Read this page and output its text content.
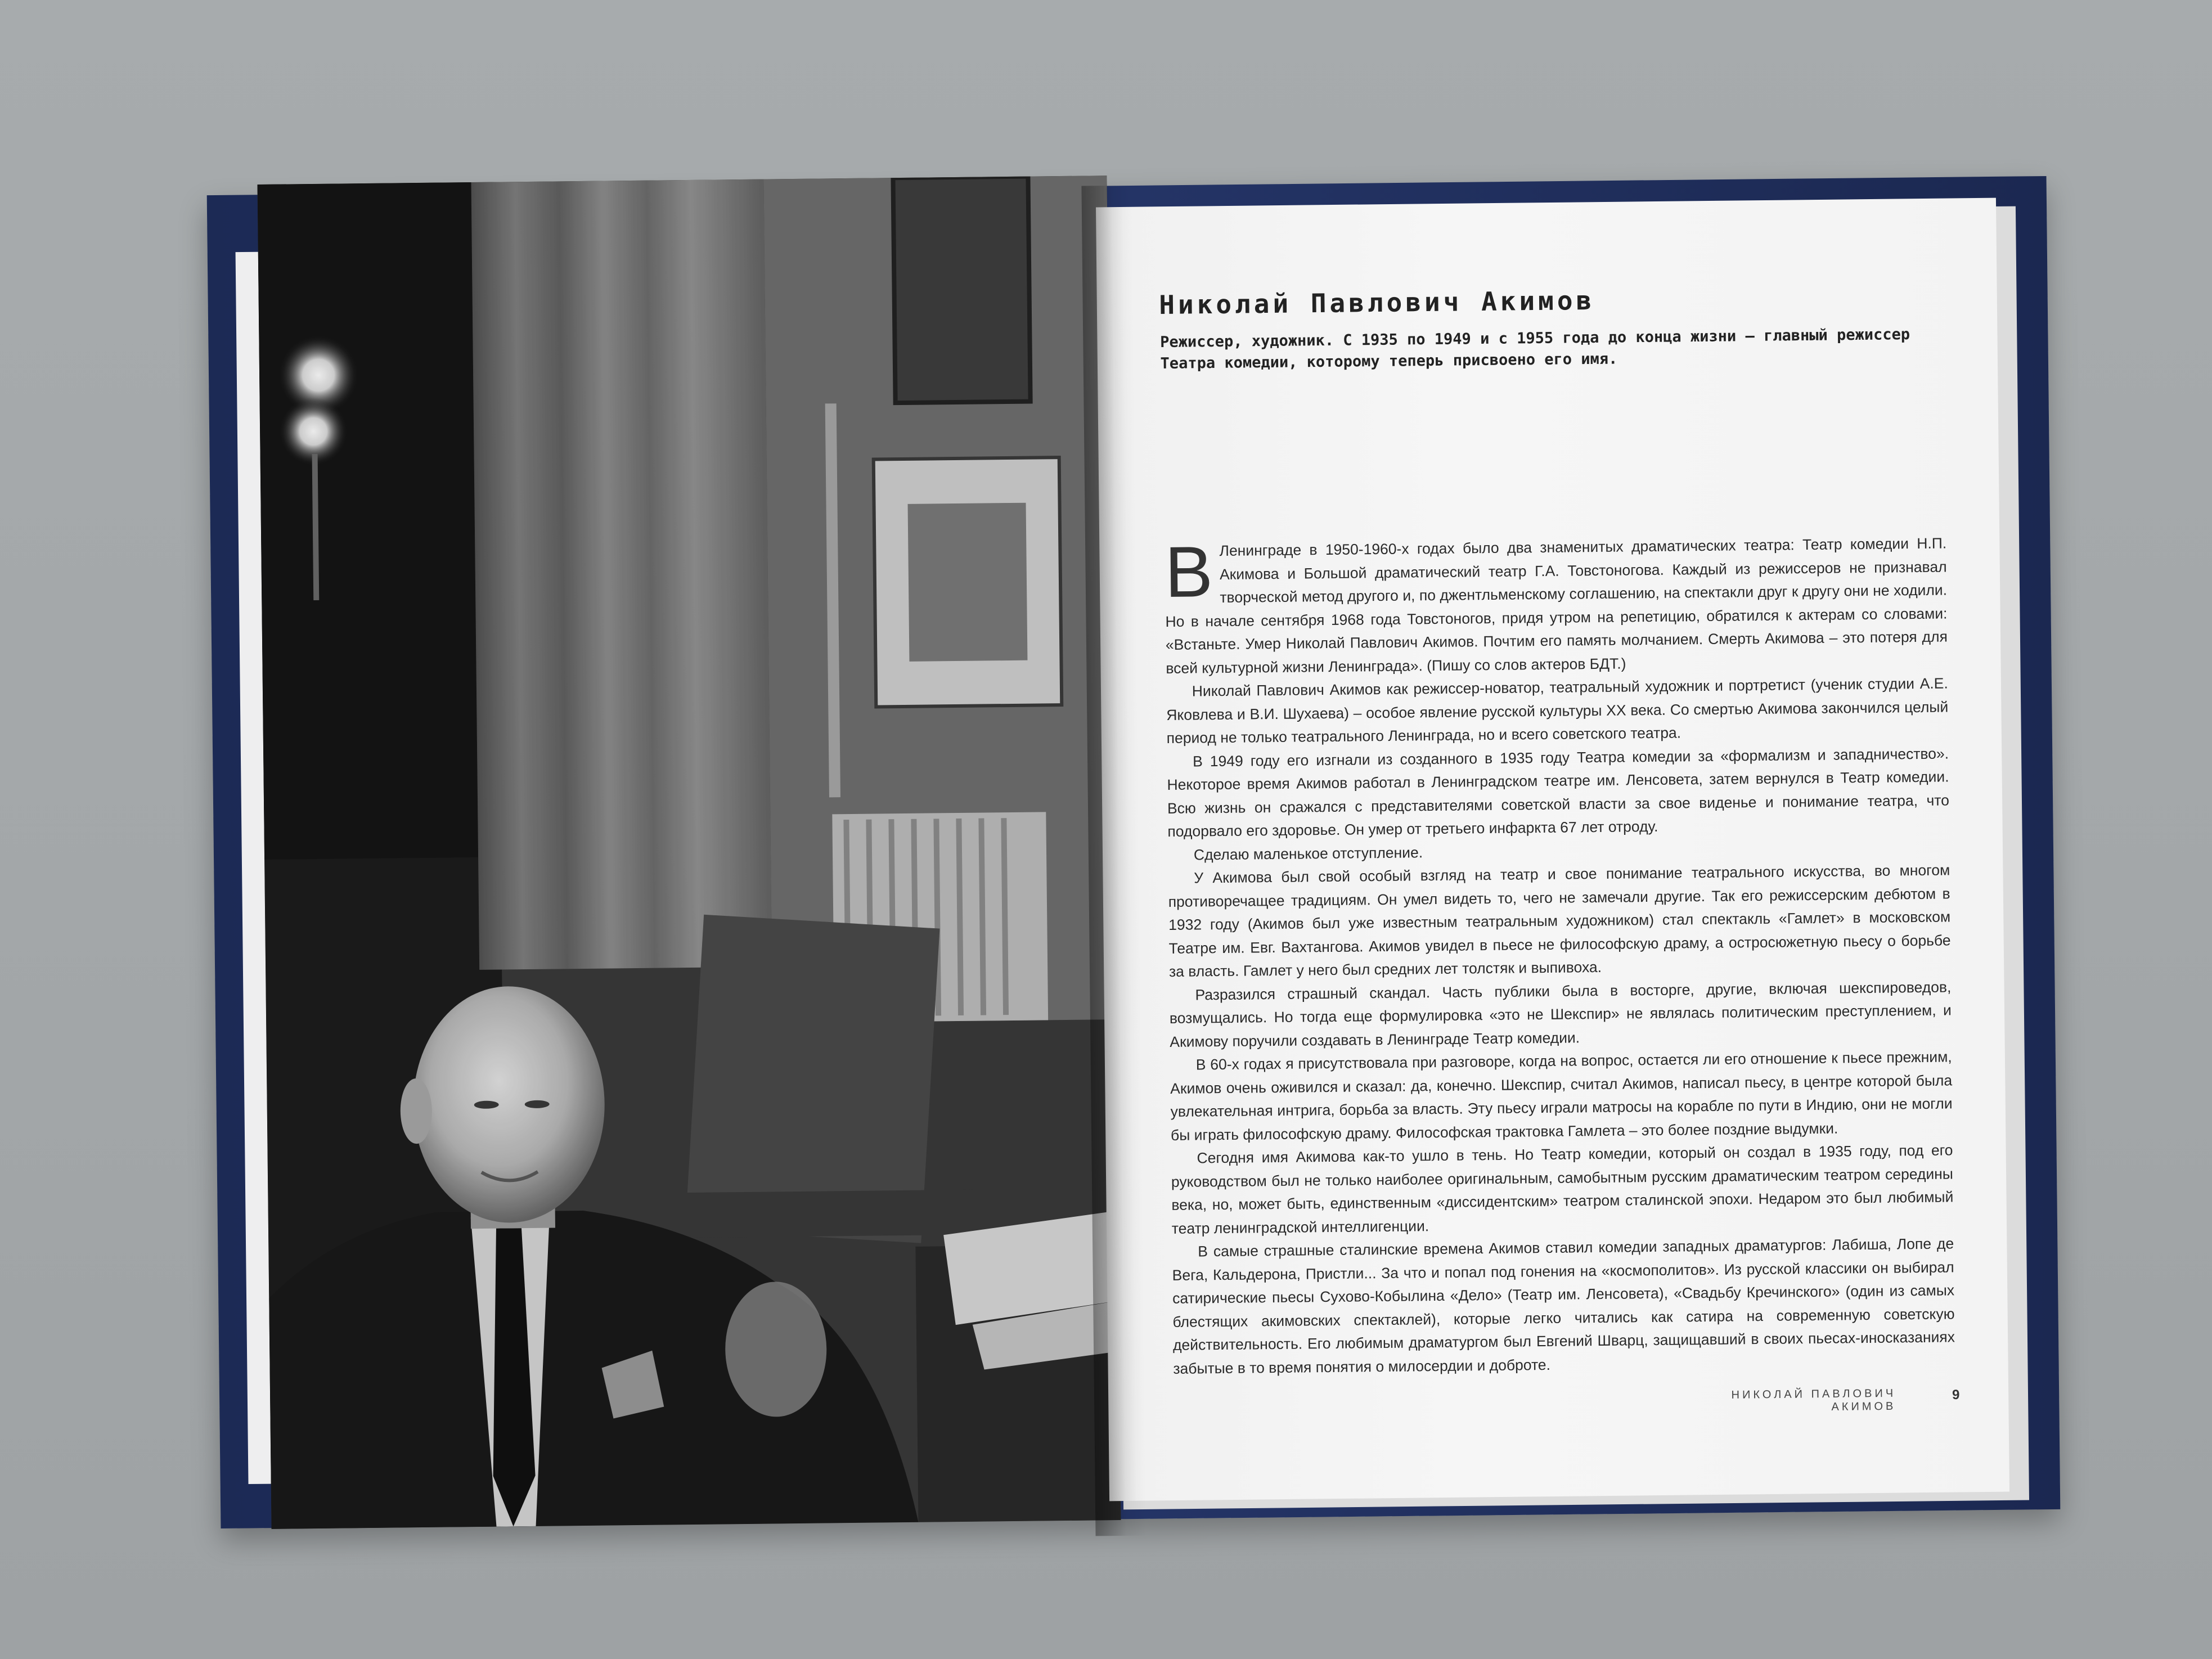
Николай Павлович Акимов
Режиссер, художник. С 1935 по 1949 и с 1955 года до конца жизни – главный режиссер Театра комедии, которому теперь присвоено его имя.

В Ленинграде в 1950-1960-х годах было два знаменитых драматических театра: Театр комедии Н.П. Акимова и Большой драматический театр Г.А. Товстоногова. Каждый из режиссеров не признавал творческой метод другого и, по джентльменскому соглашению, на спектакли друг к другу они не ходили. Но в начале сентября 1968 года Товстоногов, придя утром на репетицию, обратился к актерам со словами: «Встаньте. Умер Николай Павлович Акимов. Почтим его память молчанием. Смерть Акимова – это потеря для всей культурной жизни Ленинграда». (Пишу со слов актеров БДТ.)

Николай Павлович Акимов как режиссер-новатор, театральный художник и портретист (ученик студии А.Е. Яковлева и В.И. Шухаева) – особое явление русской культуры XX века. Со смертью Акимова закончился целый период не только театрального Ленинграда, но и всего советского театра.

В 1949 году его изгнали из созданного в 1935 году Театра комедии за «формализм и западничество». Некоторое время Акимов работал в Ленинградском театре им. Ленсовета, затем вернулся в Театр комедии. Всю жизнь он сражался с представителями советской власти за свое виденье и понимание театра, что подорвало его здоровье. Он умер от третьего инфаркта 67 лет отроду.

Сделаю маленькое отступление.

У Акимова был свой особый взгляд на театр и свое понимание театрального искусства, во многом противоречащее традициям. Он умел видеть то, чего не замечали другие. Так его режиссерским дебютом в 1932 году (Акимов был уже известным театральным художником) стал спектакль «Гамлет» в московском Театре им. Евг. Вахтангова. Акимов увидел в пьесе не философскую драму, а остросюжетную пьесу о борьбе за власть. Гамлет у него был средних лет толстяк и выпивоха.

Разразился страшный скандал. Часть публики была в восторге, другие, включая шекспироведов, возмущались. Но тогда еще формулировка «это не Шекспир» не являлась политическим преступлением, и Акимову поручили создавать в Ленинграде Театр комедии.

В 60-х годах я присутствовала при разговоре, когда на вопрос, остается ли его отношение к пьесе прежним, Акимов очень оживился и сказал: да, конечно. Шекспир, считал Акимов, написал пьесу, в центре которой была увлекательная интрига, борьба за власть. Эту пьесу играли матросы на корабле по пути в Индию, они не могли бы играть философскую драму. Философская трактовка Гамлета – это более поздние выдумки.

Сегодня имя Акимова как-то ушло в тень. Но Театр комедии, который он создал в 1935 году, под его руководством был не только наиболее оригинальным, самобытным русским драматическим театром середины века, но, может быть, единственным «диссидентским» театром сталинской эпохи. Недаром это был любимый театр ленинградской интеллигенции.

В самые страшные сталинские времена Акимов ставил комедии западных драматургов: Лабиша, Лопе де Вега, Кальдерона, Пристли... За что и попал под гонения на «космополитов». Из русской классики он выбирал сатирические пьесы Сухово-Кобылина «Дело» (Театр им. Ленсовета), «Свадьбу Кречинского» (один из самых блестящих акимовских спектаклей), которые легко читались как сатира на современную советскую действительность. Его любимым драматургом был Евгений Шварц, защищавший в своих пьесах-иносказаниях забытые в то время понятия о милосердии и доброте.

НИКОЛАЙ ПАВЛОВИЧ АКИМОВ
9
